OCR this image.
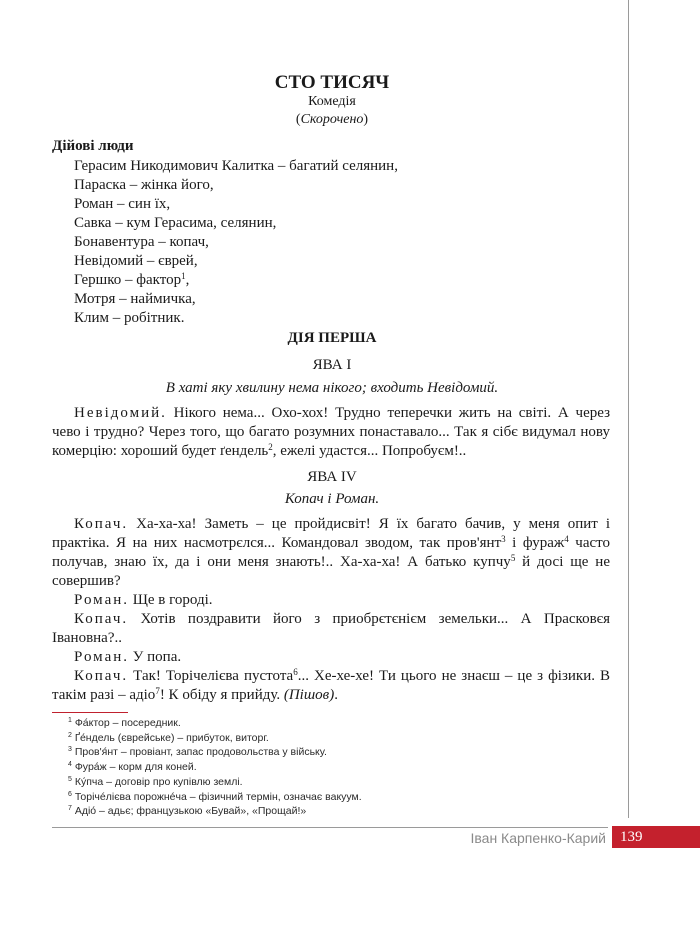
СТО ТИСЯЧ
Комедія
(Скорочено)
Дійові люди
Герасим Никодимович Калитка – багатий селянин,
Параска – жінка його,
Роман – син їх,
Савка – кум Герасима, селянин,
Бонавентура – копач,
Невідомий – єврей,
Гершко – фактор$^1$,
Мотря – наймичка,
Клим – робітник.
ДІЯ ПЕРША
ЯВА І
В хаті яку хвилину нема нікого; входить Невідомий.

Невідомий. Нікого нема... Охо-хох! Трудно теперечки жить на світі. А через чево і трудно? Через того, що багато розумних понаставало... Так я сібє видумал нову комерцію: хороший будет ґендель$^2$, ежелі удастся... Попробуєм!..

ЯВА IV
Копач і Роман.

Копач. Ха-ха-ха! Заметь – це пройдисвіт! Я їх багато бачив, у меня опит і практіка. Я на них насмотрєлся... Командовал зводом, так пров'янт$^3$ і фураж$^4$ часто получав, знаю їх, да і они меня знають!.. Ха-ха-ха! А батько купчу$^5$ й досі ще не совершив?

Роман. Ще в городі.

Копач. Хотів поздравити його з приобрєтєнієм земельки... А Прасковєя Івановна?..

Роман. У попа.

Копач. Так! Торічелієва пустота$^6$... Хе-хе-хе! Ти цього не знаєш – це з фізики. В такім разі – адіо$^7$! К обіду я прийду. (Пішов).

$^1$ Фа́ктор – посередник.
$^2$ Ґе́ндель (єврейське) – прибуток, виторг.
$^3$ Пров'я́нт – провіант, запас продовольства у війську.
$^4$ Фура́ж – корм для коней.
$^5$ Ку́пча – договір про купівлю землі.
$^6$ Торічéлієва порожнéча – фізичний термін, означає вакуум.
$^7$ Адіо́ – адьє; французькою «Бувай», «Прощай!»
Іван Карпенко-Карий 139
